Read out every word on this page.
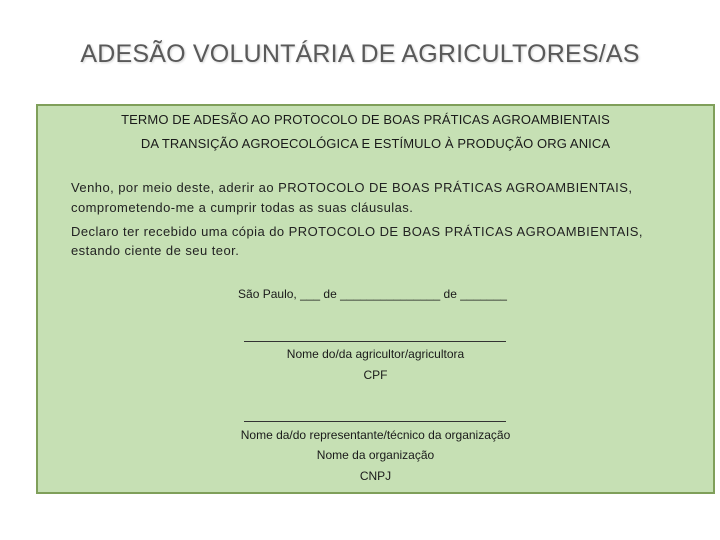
ADESÃO VOLUNTÁRIA DE AGRICULTORES/AS
TERMO DE ADESÃO AO PROTOCOLO DE BOAS PRÁTICAS AGROAMBIENTAIS
DA TRANSIÇÃO AGROECOLÓGICA E ESTÍMULO À PRODUÇÃO ORG ANICA
Venho, por meio deste, aderir ao PROTOCOLO DE BOAS PRÁTICAS AGROAMBIENTAIS,
comprometendo-me a cumprir todas as suas cláusulas.
Declaro ter recebido uma cópia do PROTOCOLO DE BOAS PRÁTICAS AGROAMBIENTAIS,
estando ciente de seu teor.
São Paulo, ___ de _______________ de _______
Nome do/da agricultor/agricultora
CPF
Nome da/do representante/técnico da organização
Nome da organização
CNPJ
